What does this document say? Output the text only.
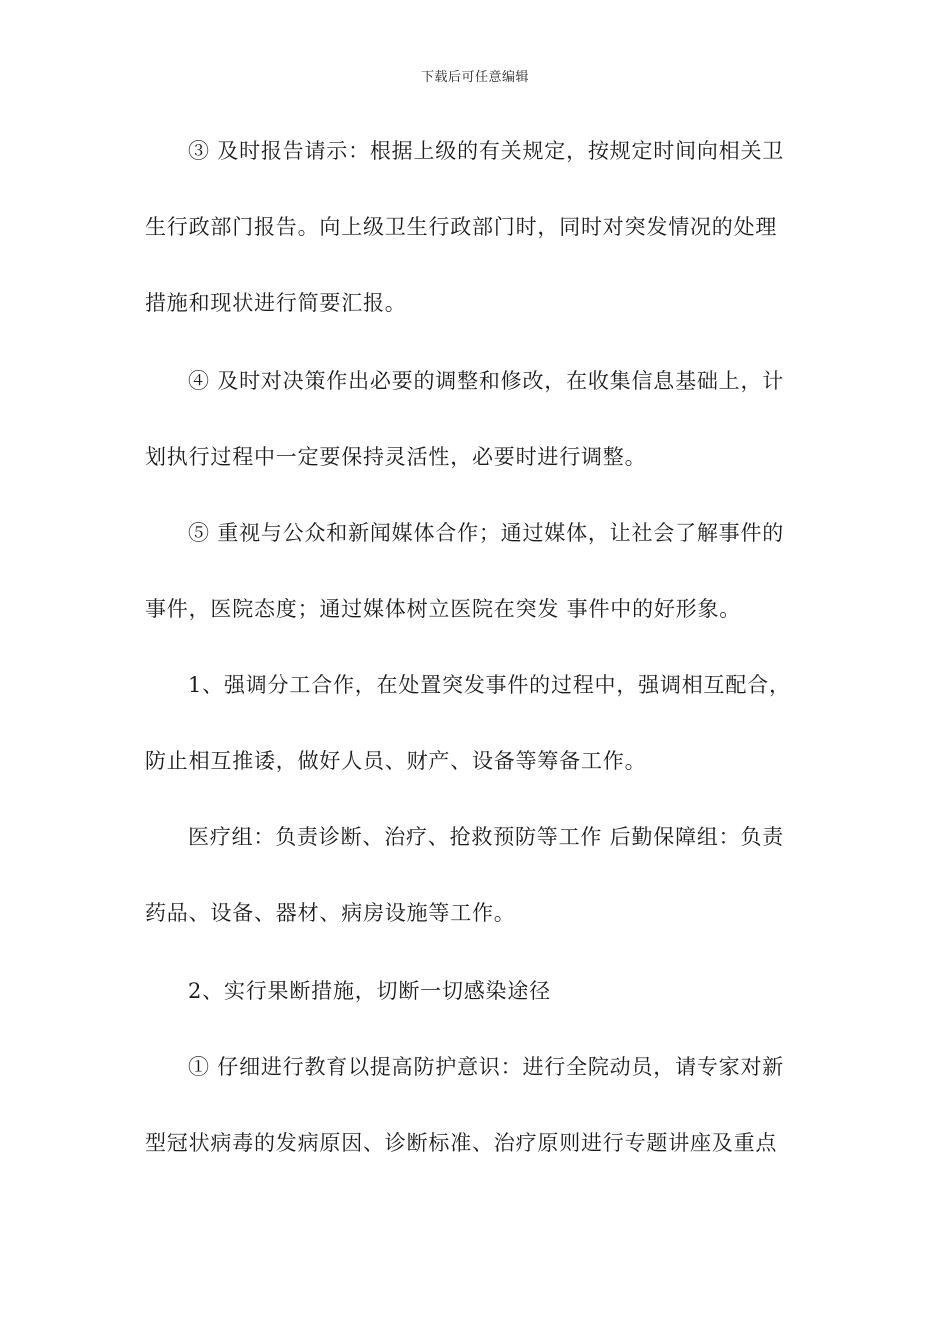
下载后可任意编辑
③ 及时报告请示：根据上级的有关规定，按规定时间向相关卫
生行政部门报告。向上级卫生行政部门时，同时对突发情况的处理
措施和现状进行简要汇报。
④ 及时对决策作出必要的调整和修改，在收集信息基础上，计
划执行过程中一定要保持灵活性，必要时进行调整。
⑤ 重视与公众和新闻媒体合作；通过媒体，让社会了解事件的
事件，医院态度；通过媒体树立医院在突发 事件中的好形象。
1、强调分工合作，在处置突发事件的过程中，强调相互配合，
防止相互推诿，做好人员、财产、设备等筹备工作。
医疗组：负责诊断、治疗、抢救预防等工作 后勤保障组：负责
药品、设备、器材、病房设施等工作。
2、实行果断措施，切断一切感染途径
① 仔细进行教育以提高防护意识：进行全院动员，请专家对新
型冠状病毒的发病原因、诊断标准、治疗原则进行专题讲座及重点
